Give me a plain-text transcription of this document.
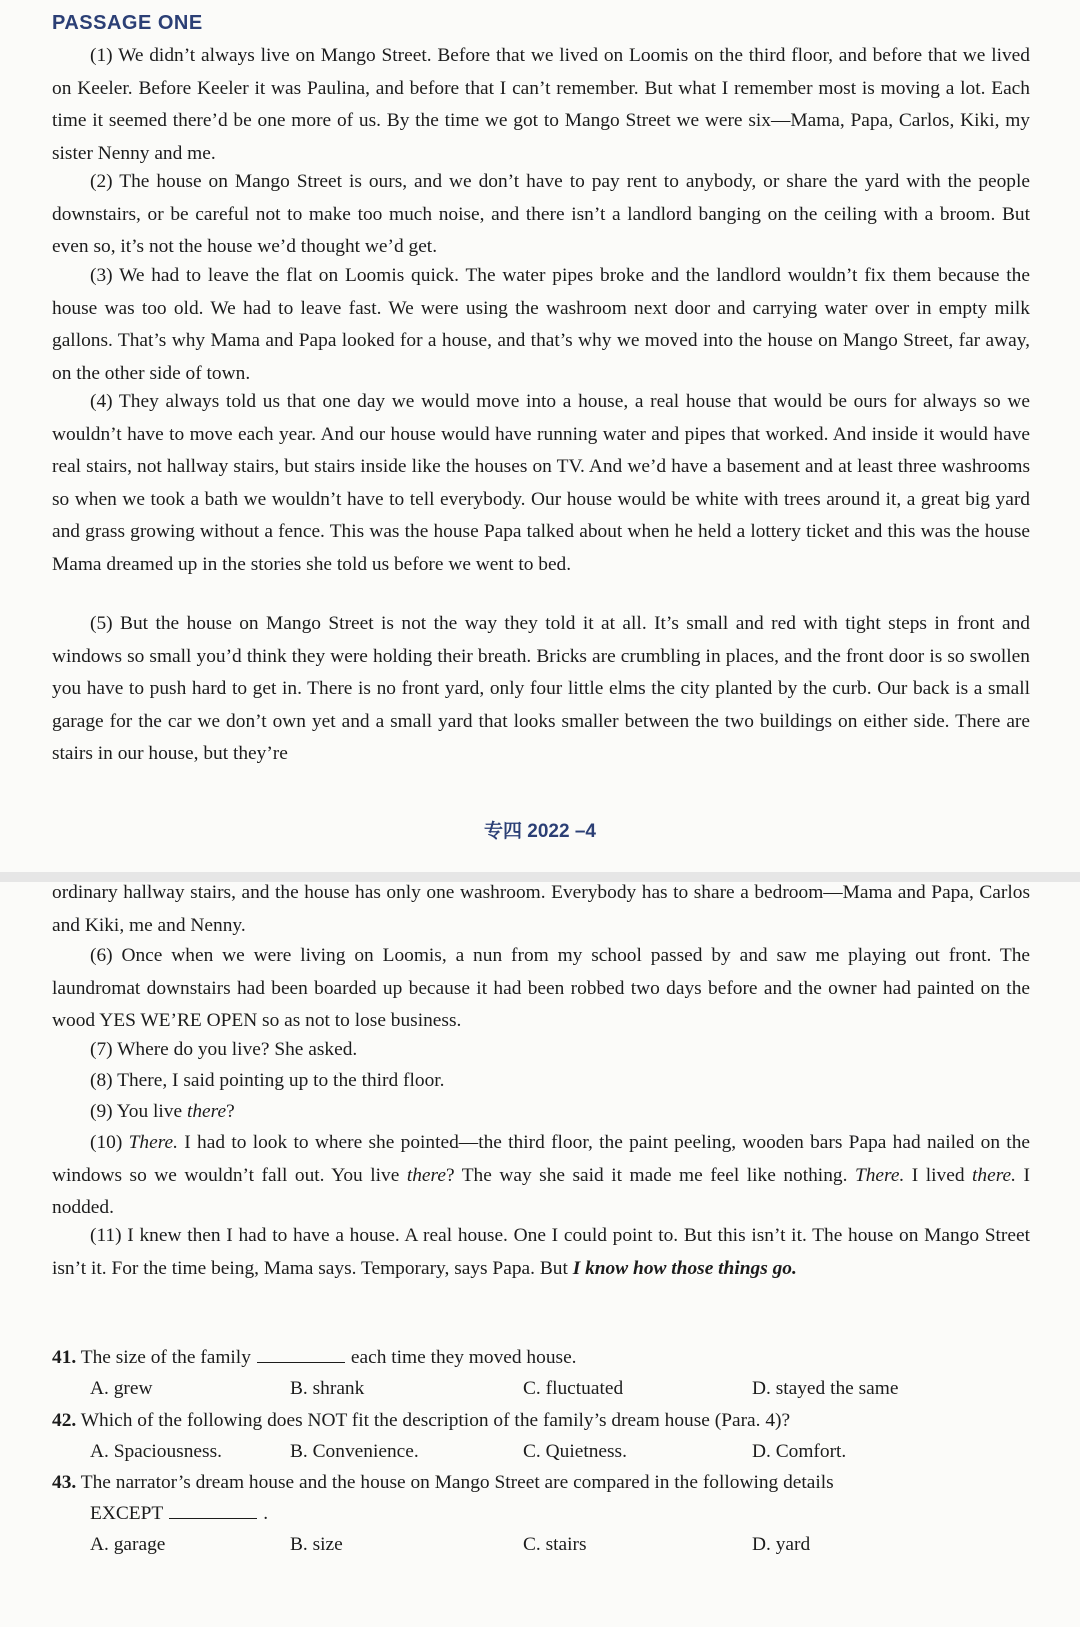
PASSAGE ONE

(1) We didn’t always live on Mango Street. Before that we lived on Loomis on the third floor, and before that we lived on Keeler. Before Keeler it was Paulina, and before that I can’t remember. But what I remember most is moving a lot. Each time it seemed there’d be one more of us. By the time we got to Mango Street we were six—Mama, Papa, Carlos, Kiki, my sister Nenny and me.

(2) The house on Mango Street is ours, and we don’t have to pay rent to anybody, or share the yard with the people downstairs, or be careful not to make too much noise, and there isn’t a landlord banging on the ceiling with a broom. But even so, it’s not the house we’d thought we’d get.

(3) We had to leave the flat on Loomis quick. The water pipes broke and the landlord wouldn’t fix them because the house was too old. We had to leave fast. We were using the washroom next door and carrying water over in empty milk gallons. That’s why Mama and Papa looked for a house, and that’s why we moved into the house on Mango Street, far away, on the other side of town.

(4) They always told us that one day we would move into a house, a real house that would be ours for always so we wouldn’t have to move each year. And our house would have running water and pipes that worked. And inside it would have real stairs, not hallway stairs, but stairs inside like the houses on TV. And we’d have a basement and at least three washrooms so when we took a bath we wouldn’t have to tell everybody. Our house would be white with trees around it, a great big yard and grass growing without a fence. This was the house Papa talked about when he held a lottery ticket and this was the house Mama dreamed up in the stories she told us before we went to bed.

(5) But the house on Mango Street is not the way they told it at all. It’s small and red with tight steps in front and windows so small you’d think they were holding their breath. Bricks are crumbling in places, and the front door is so swollen you have to push hard to get in. There is no front yard, only four little elms the city planted by the curb. Our back is a small garage for the car we don’t own yet and a small yard that looks smaller between the two buildings on either side. There are stairs in our house, but they’re

专四 2022 –4

ordinary hallway stairs, and the house has only one washroom. Everybody has to share a bedroom—Mama and Papa, Carlos and Kiki, me and Nenny.

(6) Once when we were living on Loomis, a nun from my school passed by and saw me playing out front. The laundromat downstairs had been boarded up because it had been robbed two days before and the owner had painted on the wood YES WE’RE OPEN so as not to lose business.

(7) Where do you live? She asked.

(8) There, I said pointing up to the third floor.

(9) You live there?

(10) There. I had to look to where she pointed—the third floor, the paint peeling, wooden bars Papa had nailed on the windows so we wouldn’t fall out. You live there? The way she said it made me feel like nothing. There. I lived there. I nodded.

(11) I knew then I had to have a house. A real house. One I could point to. But this isn’t it. The house on Mango Street isn’t it. For the time being, Mama says. Temporary, says Papa. But I know how those things go.

41. The size of the family	each time they moved house.
A. grew	B. shrank	C. fluctuated	D. stayed the same
42. Which of the following does NOT fit the description of the family’s dream house (Para. 4)?
A. Spaciousness.	B. Convenience.	C. Quietness.	D. Comfort.
43. The narrator’s dream house and the house on Mango Street are compared in the following details
EXCEPT	.
A. garage	B. size	C. stairs	D. yard
